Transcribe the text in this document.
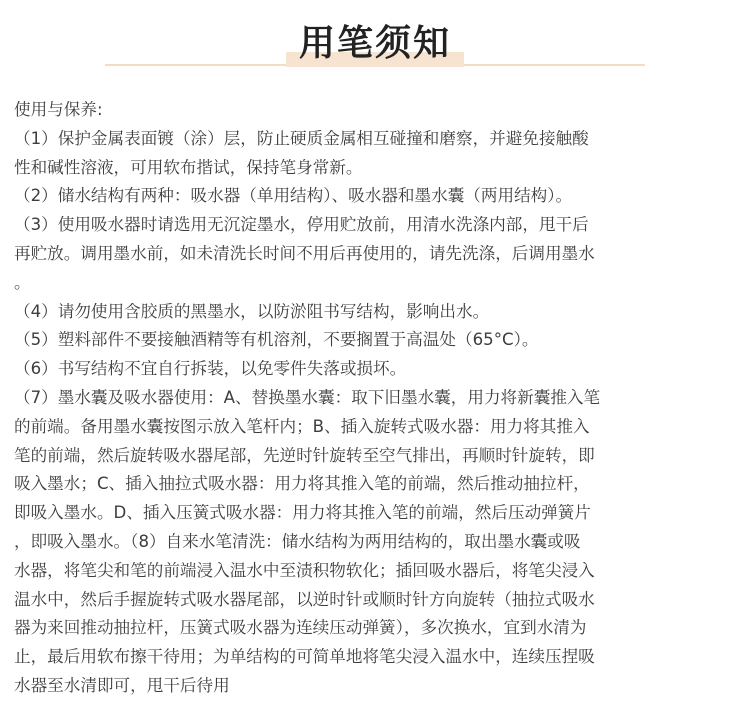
用笔须知

使用与保养:

（1）保护金属表面镀（涂）层，防止硬质金属相互碰撞和磨察，并避免接触酸

性和碱性溶液，可用软布揩试，保持笔身常新。

（2）储水结构有两种：吸水器（单用结构）、吸水器和墨水囊（两用结构）。

（3）使用吸水器时请选用无沉淀墨水，停用贮放前，用清水洗涤内部，甩干后

再贮放。调用墨水前，如未清洗长时间不用后再使用的，请先洗涤，后调用墨水

。

（4）请勿使用含胶质的黑墨水，以防淤阻书写结构，影响出水。

（5）塑料部件不要接触酒精等有机溶剂，不要搁置于高温处（65°C）。

（6）书写结构不宜自行拆装，以免零件失落或损坏。

（7）墨水囊及吸水器使用：A、替换墨水囊：取下旧墨水囊，用力将新囊推入笔

的前端。备用墨水囊按图示放入笔杆内；B、插入旋转式吸水器：用力将其推入

笔的前端，然后旋转吸水器尾部，先逆时针旋转至空气排出，再顺时针旋转，即

吸入墨水；C、插入抽拉式吸水器：用力将其推入笔的前端，然后推动抽拉杆，

即吸入墨水。D、插入压簧式吸水器：用力将其推入笔的前端，然后压动弹簧片

，即吸入墨水。（8）自来水笔清洗：储水结构为两用结构的，取出墨水囊或吸

水器，将笔尖和笔的前端浸入温水中至渍积物软化；插回吸水器后，将笔尖浸入

温水中，然后手握旋转式吸水器尾部，以逆时针或顺时针方向旋转（抽拉式吸水

器为来回推动抽拉杆，压簧式吸水器为连续压动弹簧），多次换水，宜到水清为

止，最后用软布擦干待用；为单结构的可简单地将笔尖浸入温水中，连续压捏吸

水器至水清即可，甩干后待用
